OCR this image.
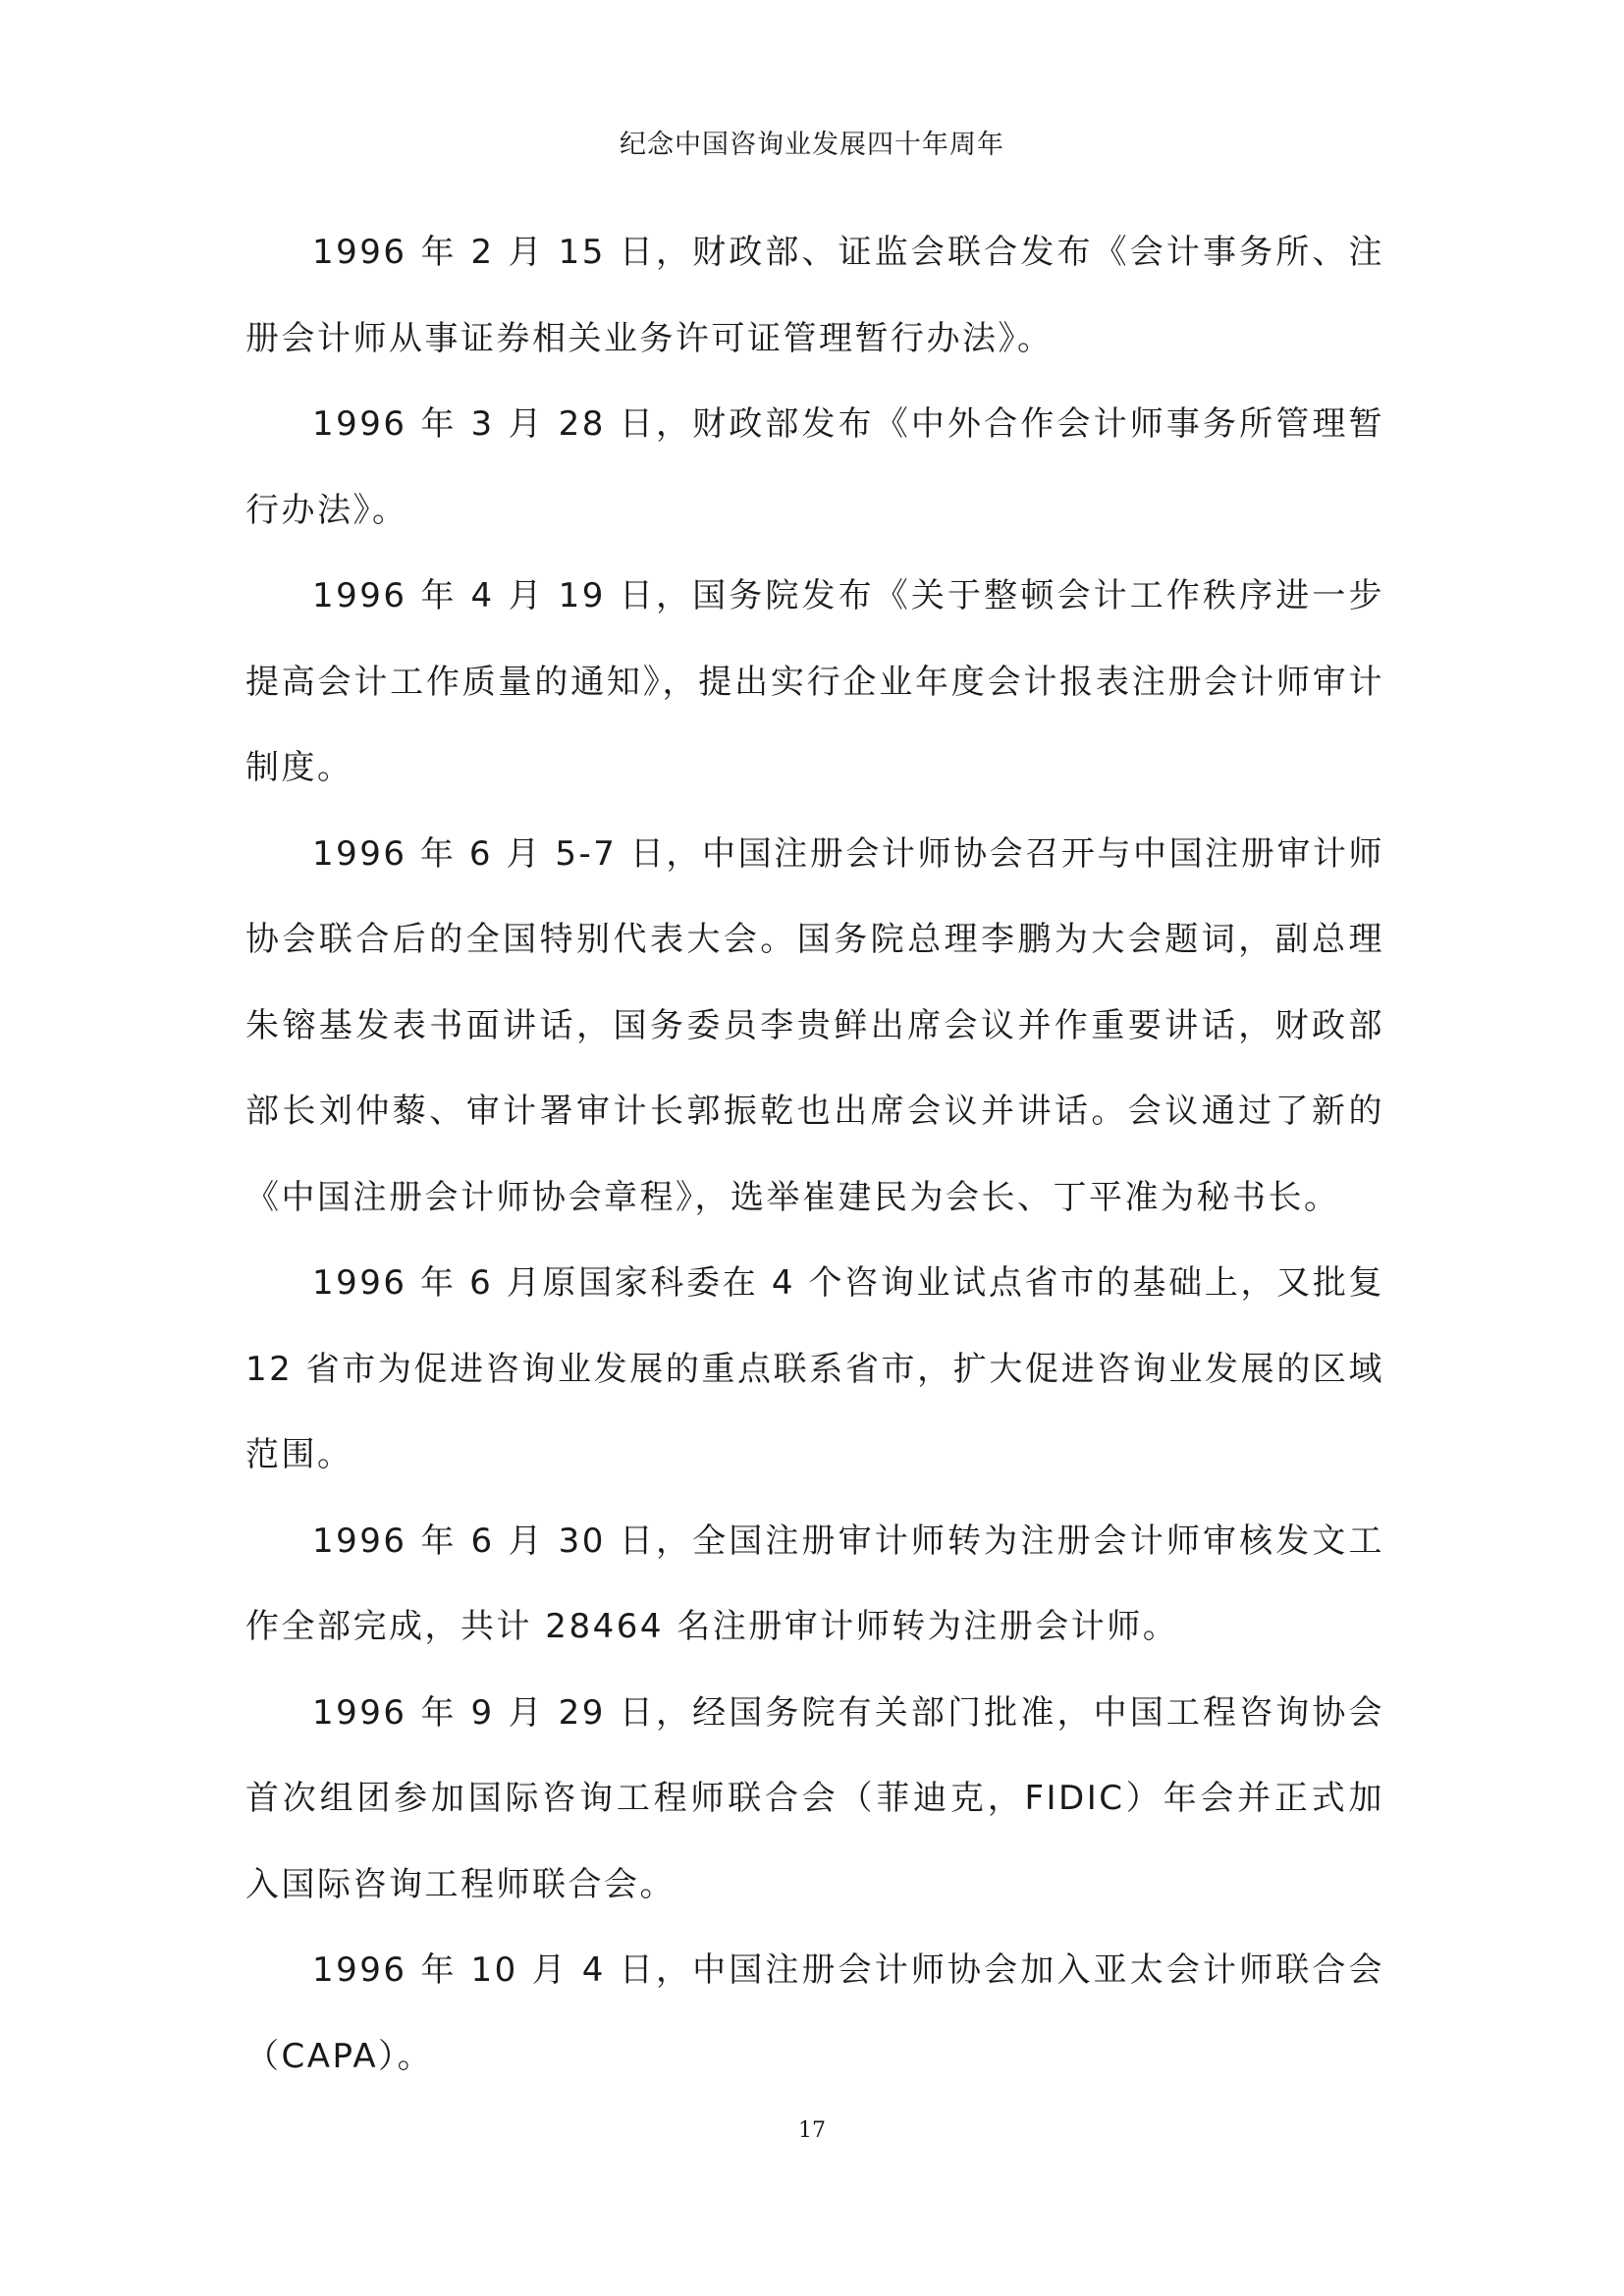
纪念中国咨询业发展四十年周年

1996 年 2 月 15 日，财政部、证监会联合发布《会计事务所、注册会计师从事证券相关业务许可证管理暂行办法》。

1996 年 3 月 28 日，财政部发布《中外合作会计师事务所管理暂行办法》。

1996 年 4 月 19 日，国务院发布《关于整顿会计工作秩序进一步提高会计工作质量的通知》，提出实行企业年度会计报表注册会计师审计制度。

1996 年 6 月 5-7 日，中国注册会计师协会召开与中国注册审计师协会联合后的全国特别代表大会。国务院总理李鹏为大会题词，副总理朱镕基发表书面讲话，国务委员李贵鲜出席会议并作重要讲话，财政部部长刘仲藜、审计署审计长郭振乾也出席会议并讲话。会议通过了新的《中国注册会计师协会章程》，选举崔建民为会长、丁平准为秘书长。

1996 年 6 月原国家科委在 4 个咨询业试点省市的基础上，又批复 12 省市为促进咨询业发展的重点联系省市，扩大促进咨询业发展的区域范围。

1996 年 6 月 30 日，全国注册审计师转为注册会计师审核发文工作全部完成，共计 28464 名注册审计师转为注册会计师。

1996 年 9 月 29 日，经国务院有关部门批准，中国工程咨询协会首次组团参加国际咨询工程师联合会（菲迪克，FIDIC）年会并正式加入国际咨询工程师联合会。

1996 年 10 月 4 日，中国注册会计师协会加入亚太会计师联合会（CAPA）。

17
